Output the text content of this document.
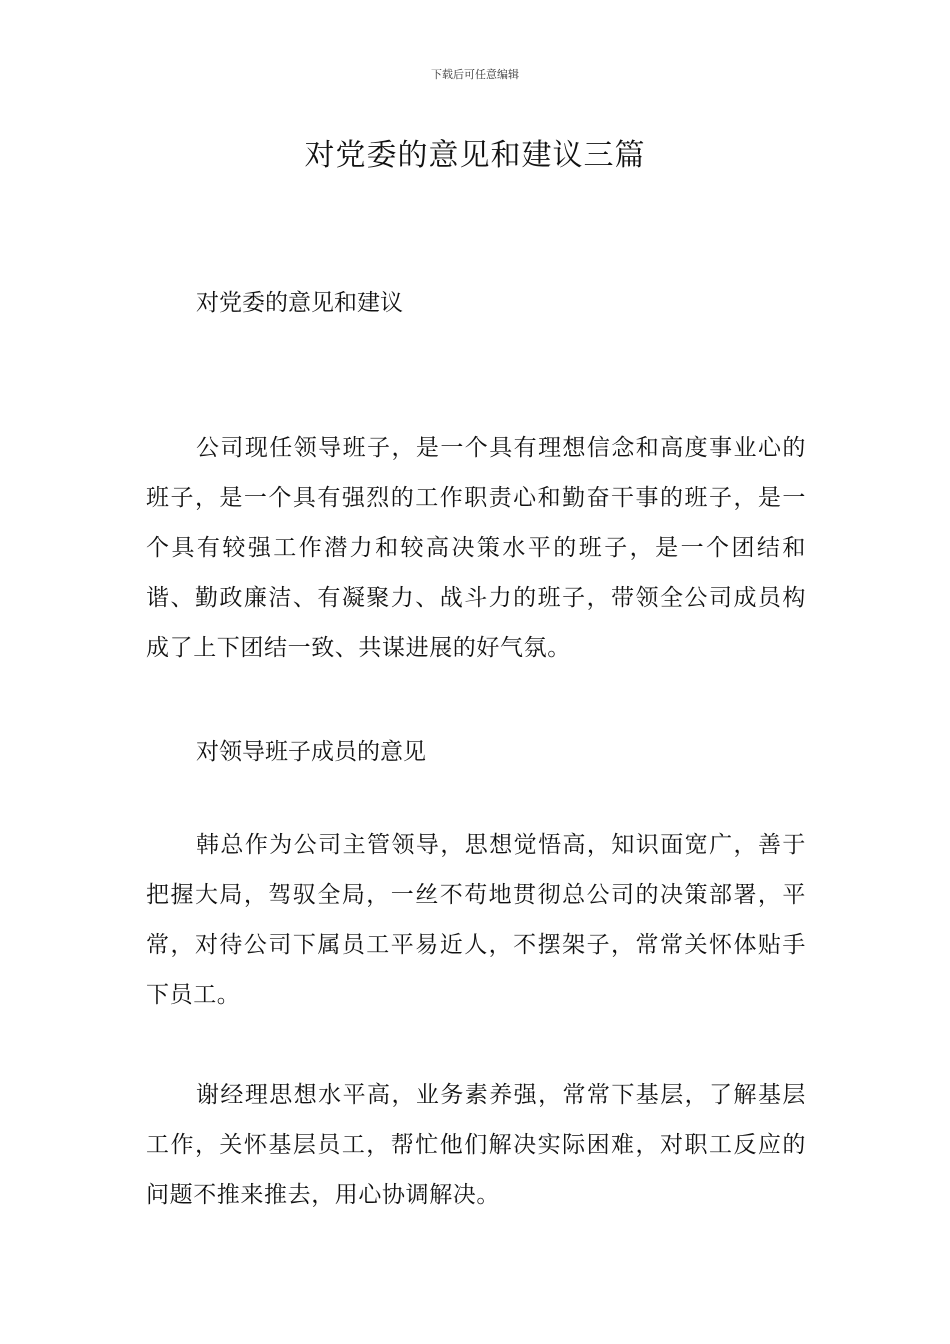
下载后可任意编辑
对党委的意见和建议三篇
对党委的意见和建议

公司现任领导班子，是一个具有理想信念和高度事业心的班子，是一个具有强烈的工作职责心和勤奋干事的班子，是一个具有较强工作潜力和较高决策水平的班子，是一个团结和谐、勤政廉洁、有凝聚力、战斗力的班子，带领全公司成员构成了上下团结一致、共谋进展的好气氛。

对领导班子成员的意见

韩总作为公司主管领导，思想觉悟高，知识面宽广，善于把握大局，驾驭全局，一丝不苟地贯彻总公司的决策部署，平常，对待公司下属员工平易近人，不摆架子，常常关怀体贴手下员工。

谢经理思想水平高，业务素养强，常常下基层，了解基层工作，关怀基层员工，帮忙他们解决实际困难，对职工反应的问题不推来推去，用心协调解决。
